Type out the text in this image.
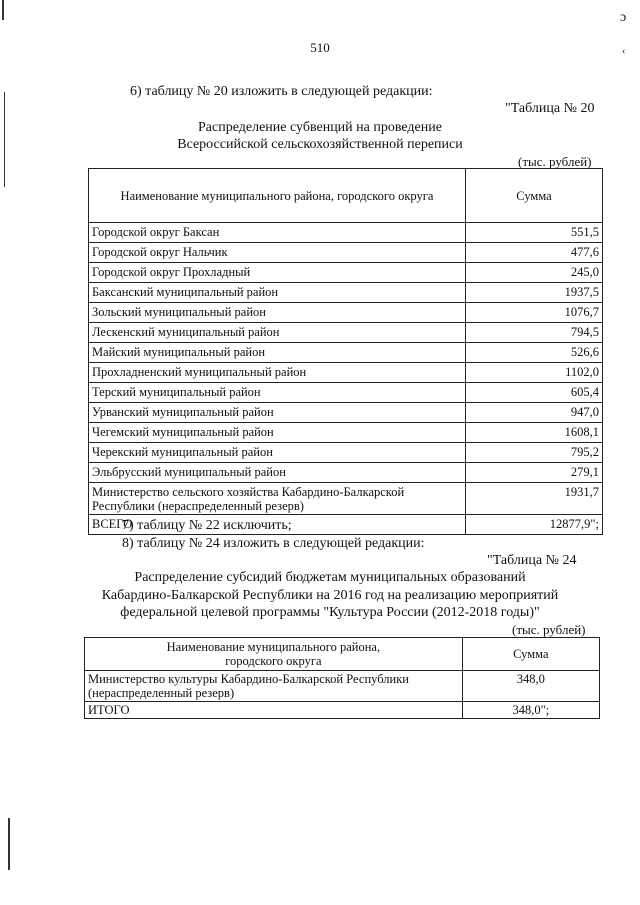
ɔ
‹
510
6) таблицу № 20 изложить в следующей редакции:
"Таблица № 20
Распределение субвенций на проведение
Всероссийской сельскохозяйственной переписи
(тыс. рублей)
Наименование муниципального района, городского округа	Сумма
Городской округ Баксан	551,5
Городской округ Нальчик	477,6
Городской округ Прохладный	245,0
Баксанский муниципальный район	1937,5
Зольский муниципальный район	1076,7
Лескенский муниципальный район	794,5
Майский муниципальный район	526,6
Прохладненский муниципальный район	1102,0
Терский муниципальный район	605,4
Урванский муниципальный район	947,0
Чегемский муниципальный район	1608,1
Черекский муниципальный район	795,2
Эльбрусский муниципальный район	279,1

Министерство сельского хозяйства Кабардино-Балкарской
Республики (нераспределенный резерв)	1931,7
ВСЕГО	12877,9";
7) таблицу № 22 исключить;
8) таблицу № 24 изложить в следующей редакции:
"Таблица № 24
Распределение субсидий бюджетам муниципальных образований
Кабардино-Балкарской Республики на 2016 год на реализацию мероприятий
федеральной целевой программы "Культура России (2012-2018 годы)"
(тыс. рублей)
Наименование муниципального района,
городского округа	Сумма

Министерство культуры Кабардино-Балкарской Республики
(нераспределенный резерв)	348,0
ИТОГО	348,0";
